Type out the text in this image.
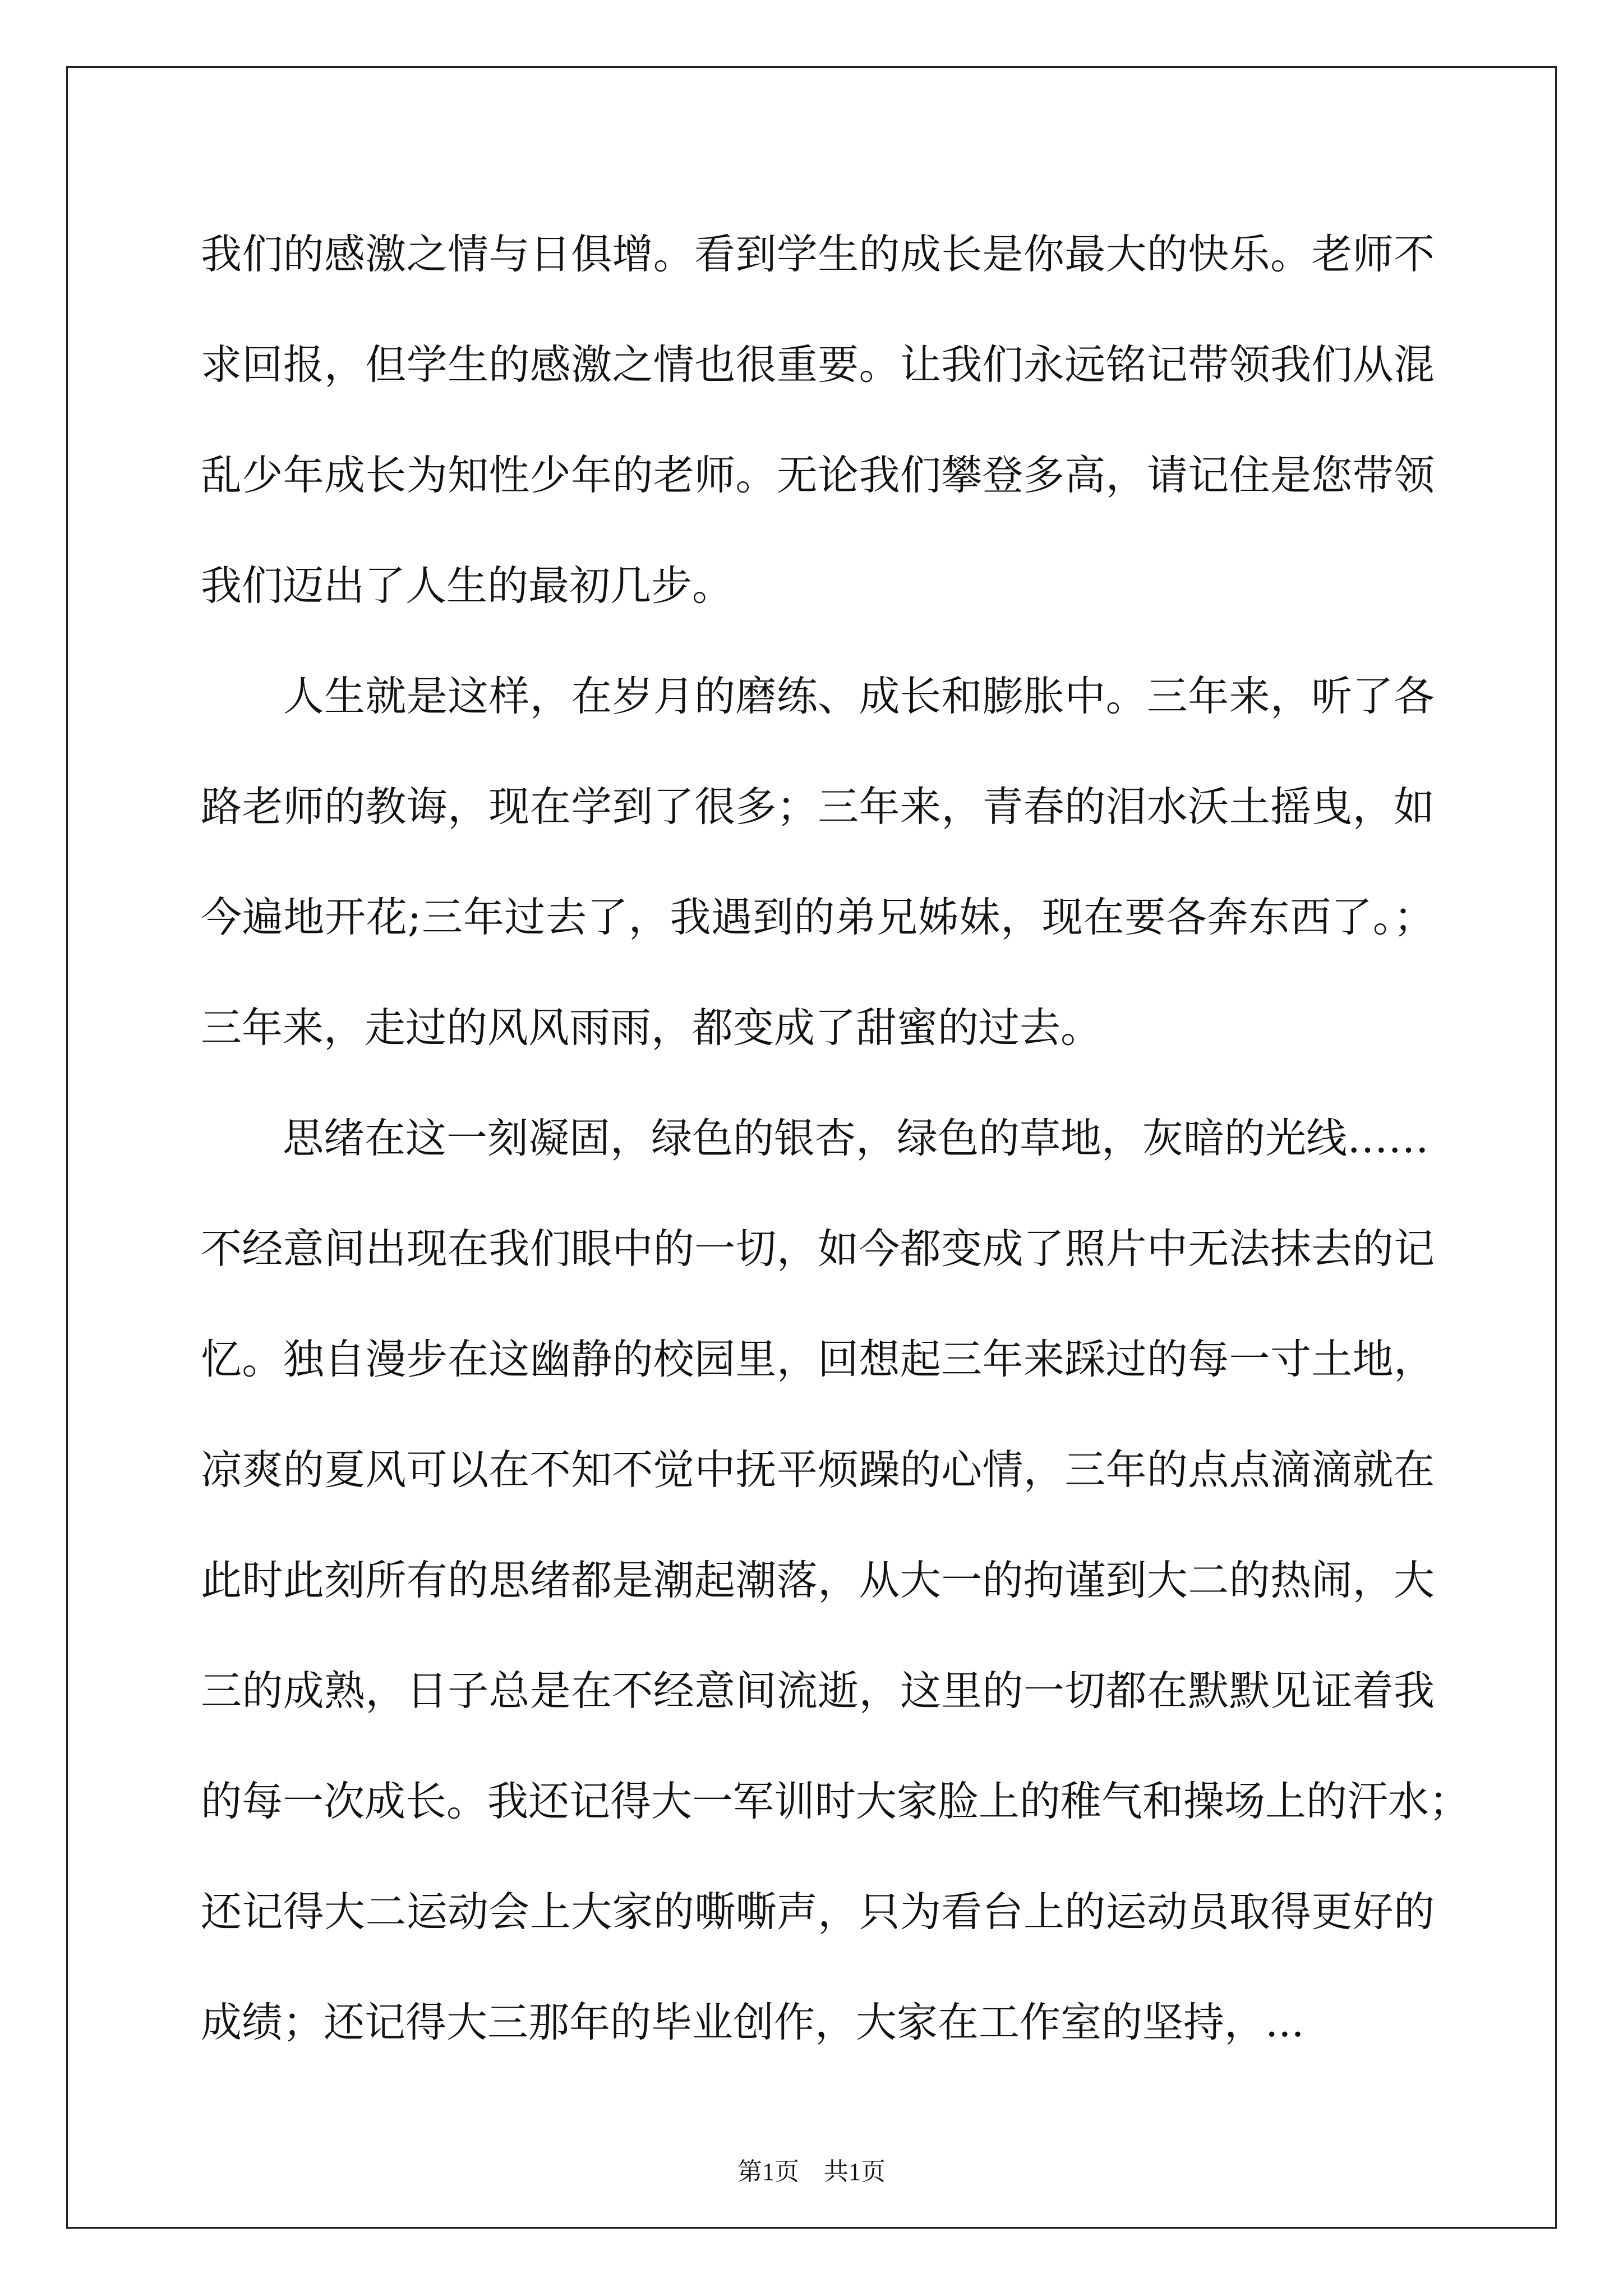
我们的感激之情与日俱增。看到学生的成长是你最大的快乐。老师不
求回报，但学生的感激之情也很重要。让我们永远铭记带领我们从混
乱少年成长为知性少年的老师。无论我们攀登多高，请记住是您带领
我们迈出了人生的最初几步。
　　人生就是这样，在岁月的磨练、成长和膨胀中。三年来，听了各
路老师的教诲，现在学到了很多；三年来，青春的泪水沃土摇曳，如
今遍地开花;三年过去了，我遇到的弟兄姊妹，现在要各奔东西了。；
三年来，走过的风风雨雨，都变成了甜蜜的过去。
　　思绪在这一刻凝固，绿色的银杏，绿色的草地，灰暗的光线……
不经意间出现在我们眼中的一切，如今都变成了照片中无法抹去的记
忆。独自漫步在这幽静的校园里，回想起三年来踩过的每一寸土地，
凉爽的夏风可以在不知不觉中抚平烦躁的心情，三年的点点滴滴就在
此时此刻所有的思绪都是潮起潮落，从大一的拘谨到大二的热闹，大
三的成熟，日子总是在不经意间流逝，这里的一切都在默默见证着我
的每一次成长。我还记得大一军训时大家脸上的稚气和操场上的汗水；
还记得大二运动会上大家的嘶嘶声，只为看台上的运动员取得更好的
成绩；还记得大三那年的毕业创作，大家在工作室的坚持，...
第1页　共1页
